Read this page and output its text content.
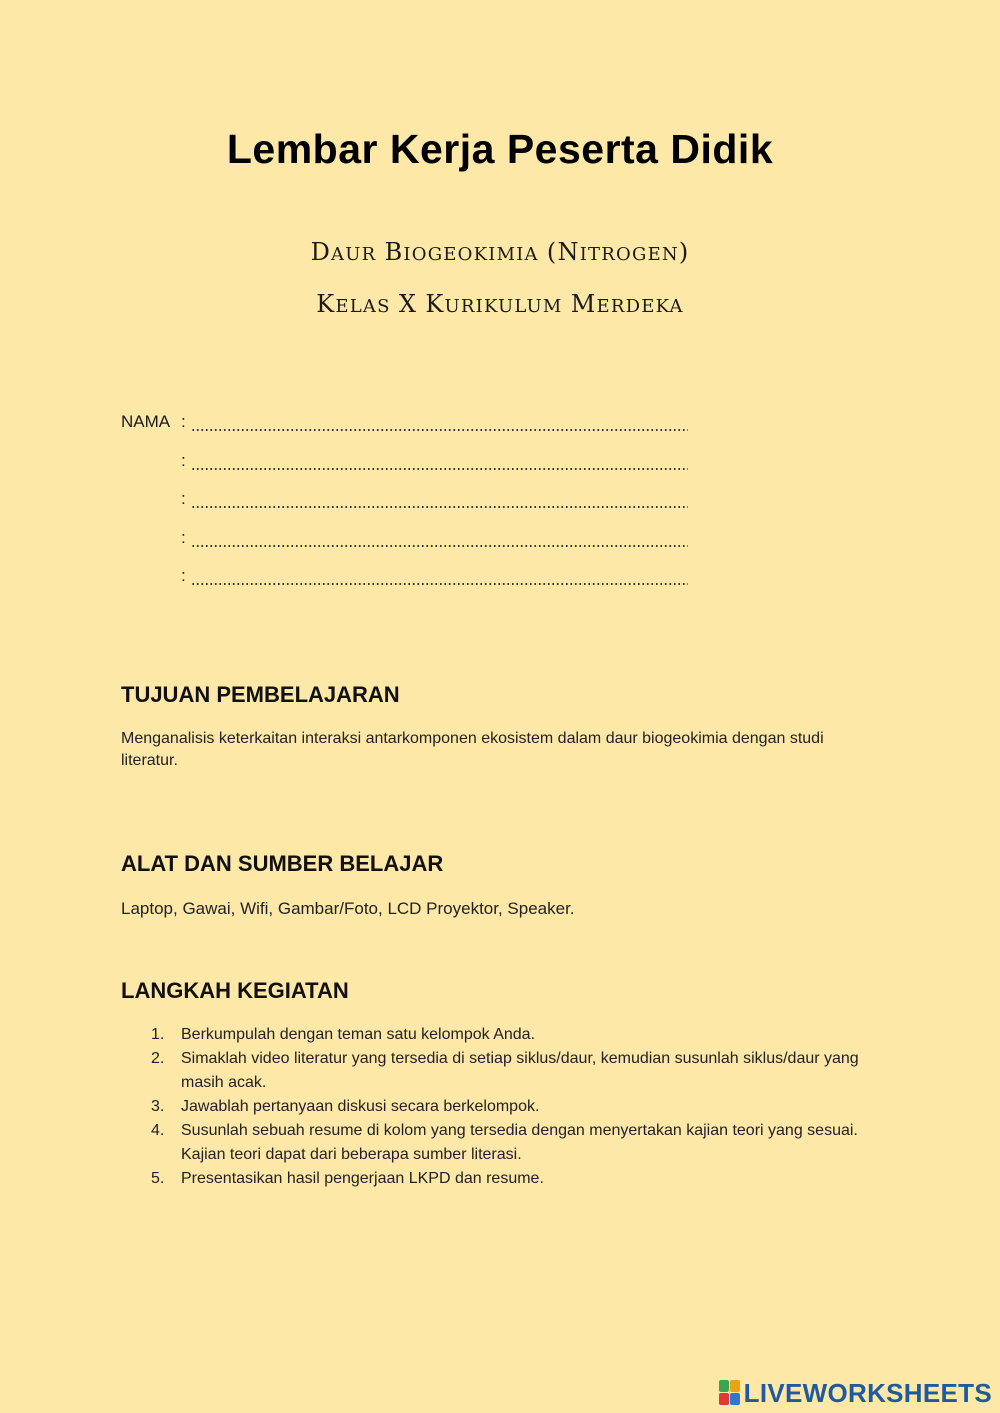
Lembar Kerja Peserta Didik
DAUR BIOGEOKIMIA (NITROGEN)
KELAS X KURIKULUM MERDEKA
NAMA :
:
:
:
:
TUJUAN PEMBELAJARAN
Menganalisis keterkaitan interaksi antarkomponen ekosistem dalam daur biogeokimia dengan studi literatur.
ALAT DAN SUMBER BELAJAR
Laptop, Gawai, Wifi, Gambar/Foto, LCD Proyektor, Speaker.
LANGKAH KEGIATAN
1. Berkumpulah dengan teman satu kelompok Anda.
2. Simaklah video literatur yang tersedia di setiap siklus/daur, kemudian susunlah siklus/daur yang masih acak.
3. Jawablah pertanyaan diskusi secara berkelompok.
4. Susunlah sebuah resume di kolom yang tersedia dengan menyertakan kajian teori yang sesuai. Kajian teori dapat dari beberapa sumber literasi.
5. Presentasikan hasil pengerjaan LKPD dan resume.
LIVEWORKSHEETS
